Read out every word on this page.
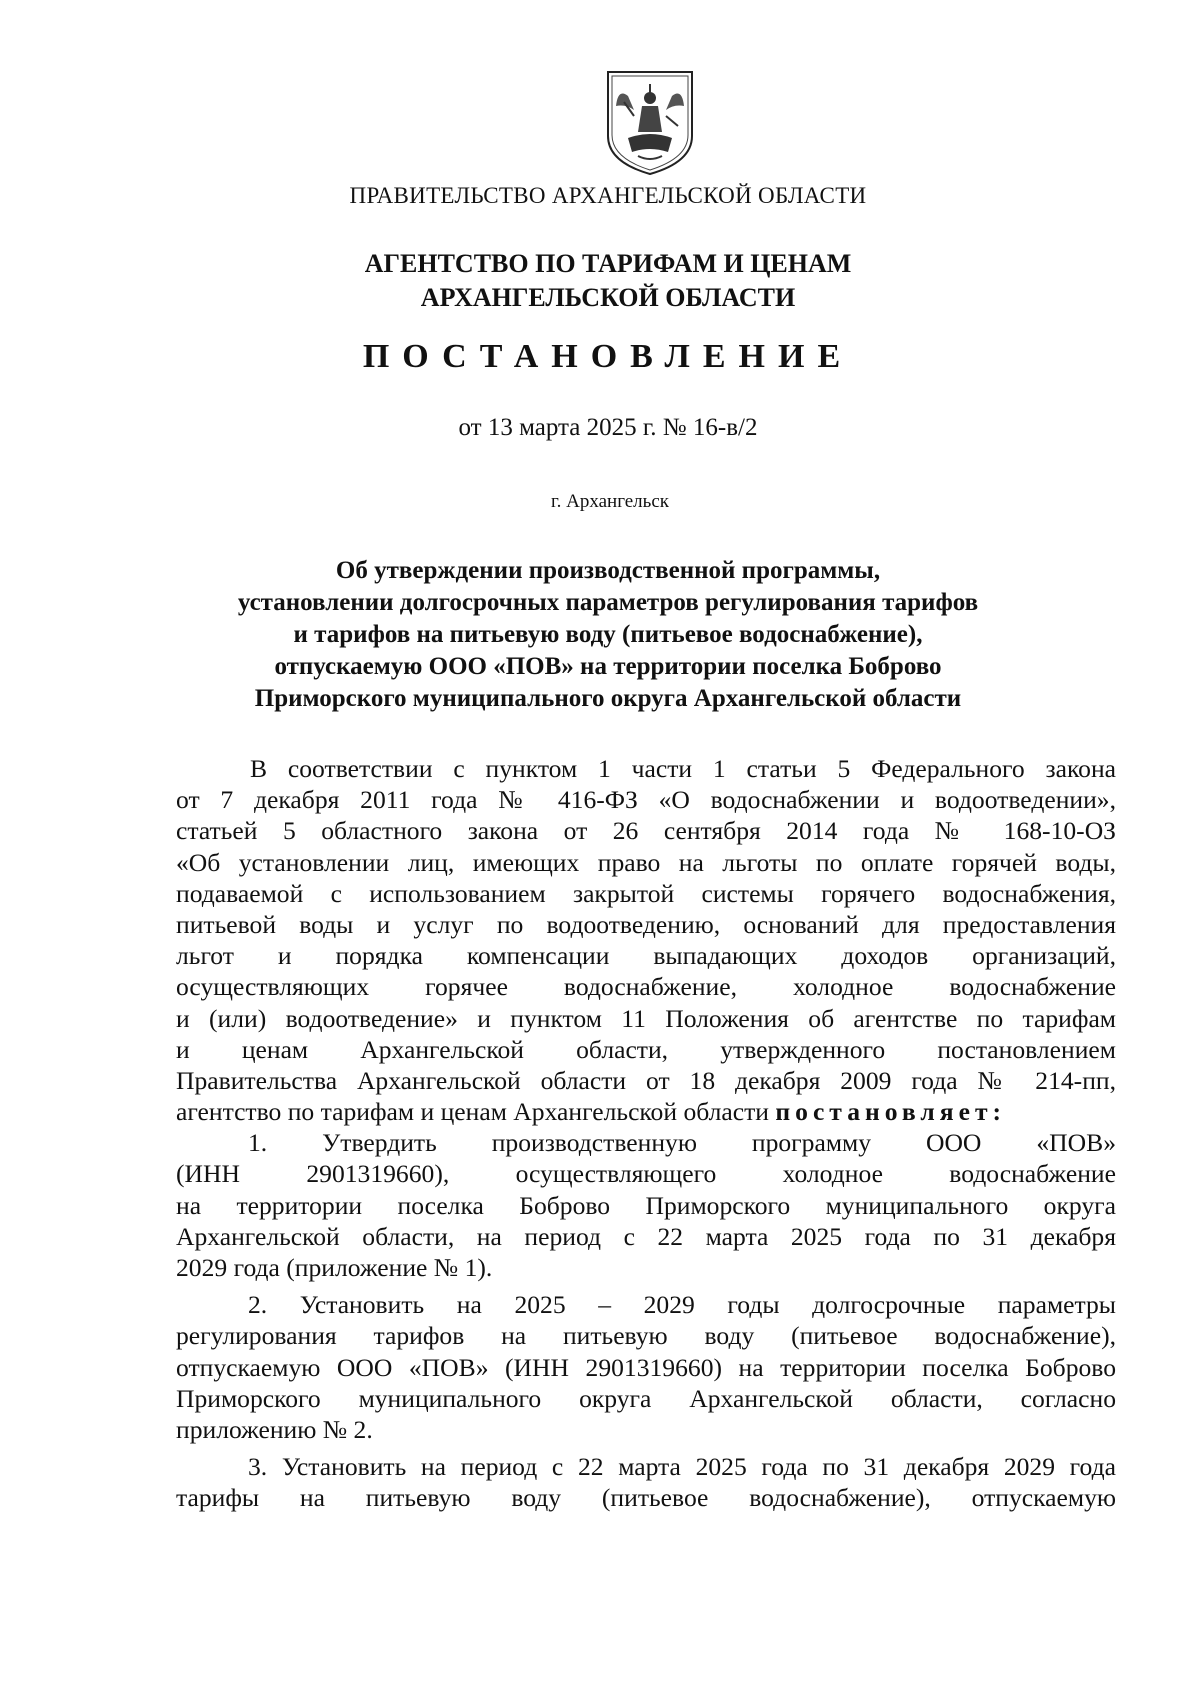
ПРАВИТЕЛЬСТВО АРХАНГЕЛЬСКОЙ ОБЛАСТИ
АГЕНТСТВО ПО ТАРИФАМ И ЦЕНАМ
АРХАНГЕЛЬСКОЙ ОБЛАСТИ
ПОСТАНОВЛЕНИЕ
от 13 марта 2025 г. № 16-в/2
г. Архангельск
Об утверждении производственной программы,
установлении долгосрочных параметров регулирования тарифов
и тарифов на питьевую воду (питьевое водоснабжение),
отпускаемую ООО «ПОВ» на территории поселка Боброво
Приморского муниципального округа Архангельской области
В соответствии с пунктом 1 части 1 статьи 5 Федерального закона
от 7 декабря 2011 года № 416-ФЗ «О водоснабжении и водоотведении»,
статьей 5 областного закона от 26 сентября 2014 года № 168-10-ОЗ
«Об установлении лиц, имеющих право на льготы по оплате горячей воды,
подаваемой с использованием закрытой системы горячего водоснабжения,
питьевой воды и услуг по водоотведению, оснований для предоставления
льгот и порядка компенсации выпадающих доходов организаций,
осуществляющих горячее водоснабжение, холодное водоснабжение
и (или) водоотведение» и пунктом 11 Положения об агентстве по тарифам
и ценам Архангельской области, утвержденного постановлением
Правительства Архангельской области от 18 декабря 2009 года № 214-пп,
агентство по тарифам и ценам Архангельской области постановляет:
1. Утвердить производственную программу ООО «ПОВ»
(ИНН 2901319660), осуществляющего холодное водоснабжение
на территории поселка Боброво Приморского муниципального округа
Архангельской области, на период с 22 марта 2025 года по 31 декабря
2029 года (приложение № 1).
2. Установить на 2025 – 2029 годы долгосрочные параметры
регулирования тарифов на питьевую воду (питьевое водоснабжение),
отпускаемую ООО «ПОВ» (ИНН 2901319660) на территории поселка Боброво
Приморского муниципального округа Архангельской области, согласно
приложению № 2.
3. Установить на период с 22 марта 2025 года по 31 декабря 2029 года
тарифы на питьевую воду (питьевое водоснабжение), отпускаемую
